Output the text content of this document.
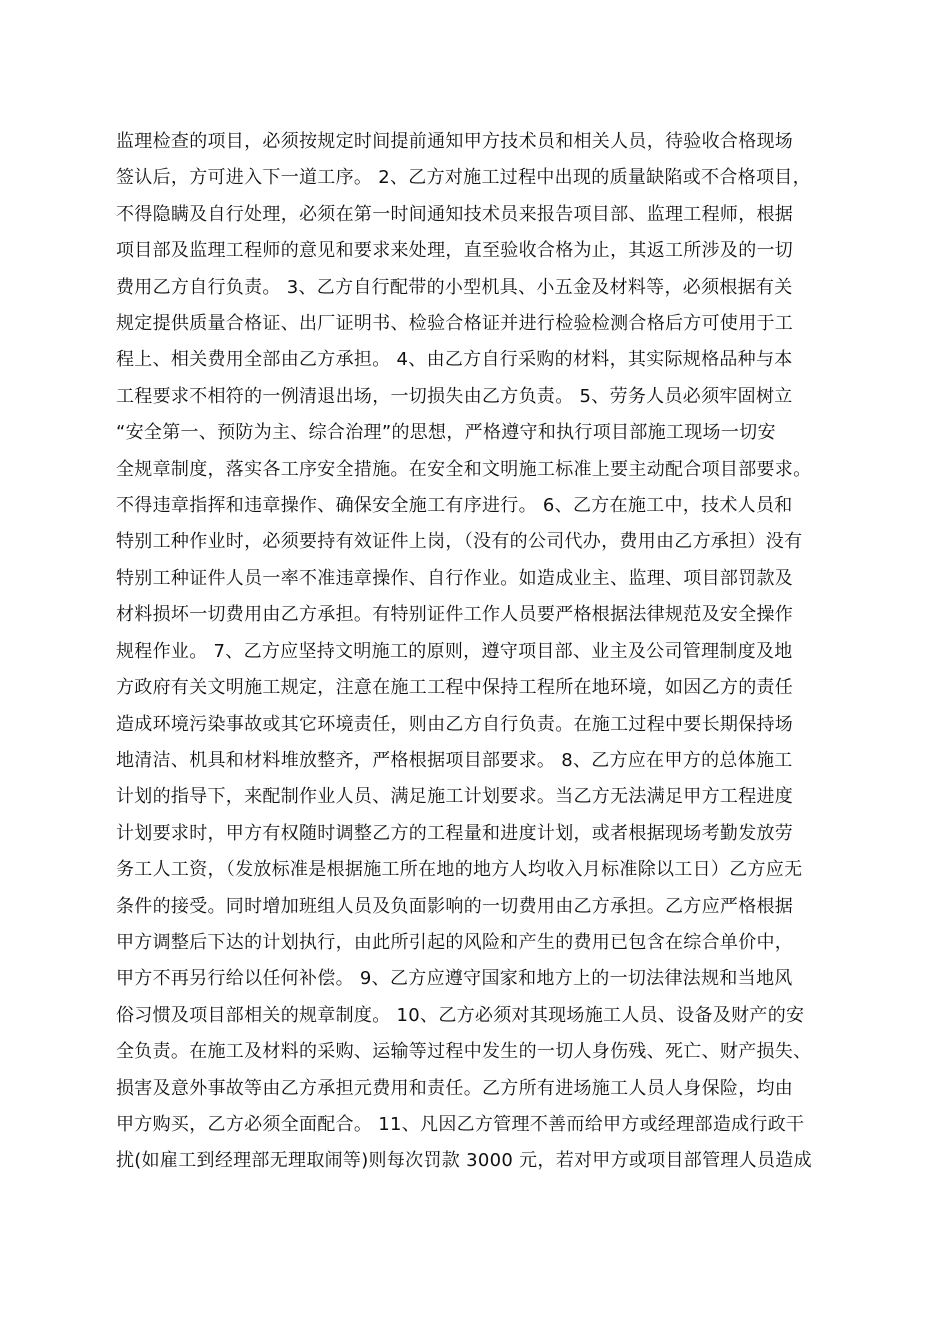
监理检查的项目，必须按规定时间提前通知甲方技术员和相关人员，待验收合格现场
签认后，方可进入下一道工序。 2、乙方对施工过程中出现的质量缺陷或不合格项目，
不得隐瞒及自行处理，必须在第一时间通知技术员来报告项目部、监理工程师，根据
项目部及监理工程师的意见和要求来处理，直至验收合格为止，其返工所涉及的一切
费用乙方自行负责。 3、乙方自行配带的小型机具、小五金及材料等，必须根据有关
规定提供质量合格证、出厂证明书、检验合格证并进行检验检测合格后方可使用于工
程上、相关费用全部由乙方承担。 4、由乙方自行采购的材料，其实际规格品种与本
工程要求不相符的一例清退出场，一切损失由乙方负责。 5、劳务人员必须牢固树立
“安全第一、预防为主、综合治理”的思想，严格遵守和执行项目部施工现场一切安
全规章制度，落实各工序安全措施。在安全和文明施工标准上要主动配合项目部要求。
不得违章指挥和违章操作、确保安全施工有序进行。 6、乙方在施工中，技术人员和
特别工种作业时，必须要持有效证件上岗，（没有的公司代办，费用由乙方承担）没有
特别工种证件人员一率不准违章操作、自行作业。如造成业主、监理、项目部罚款及
材料损坏一切费用由乙方承担。有特别证件工作人员要严格根据法律规范及安全操作
规程作业。 7、乙方应坚持文明施工的原则，遵守项目部、业主及公司管理制度及地
方政府有关文明施工规定，注意在施工工程中保持工程所在地环境，如因乙方的责任
造成环境污染事故或其它环境责任，则由乙方自行负责。在施工过程中要长期保持场
地清洁、机具和材料堆放整齐，严格根据项目部要求。 8、乙方应在甲方的总体施工
计划的指导下，来配制作业人员、满足施工计划要求。当乙方无法满足甲方工程进度
计划要求时，甲方有权随时调整乙方的工程量和进度计划，或者根据现场考勤发放劳
务工人工资，（发放标准是根据施工所在地的地方人均收入月标准除以工日）乙方应无
条件的接受。同时增加班组人员及负面影响的一切费用由乙方承担。乙方应严格根据
甲方调整后下达的计划执行，由此所引起的风险和产生的费用已包含在综合单价中，
甲方不再另行给以任何补偿。 9、乙方应遵守国家和地方上的一切法律法规和当地风
俗习惯及项目部相关的规章制度。 10、乙方必须对其现场施工人员、设备及财产的安
全负责。在施工及材料的采购、运输等过程中发生的一切人身伤残、死亡、财产损失、
损害及意外事故等由乙方承担元费用和责任。乙方所有进场施工人员人身保险，均由
甲方购买，乙方必须全面配合。 11、凡因乙方管理不善而给甲方或经理部造成行政干
扰(如雇工到经理部无理取闹等)则每次罚款 3000 元，若对甲方或项目部管理人员造成
